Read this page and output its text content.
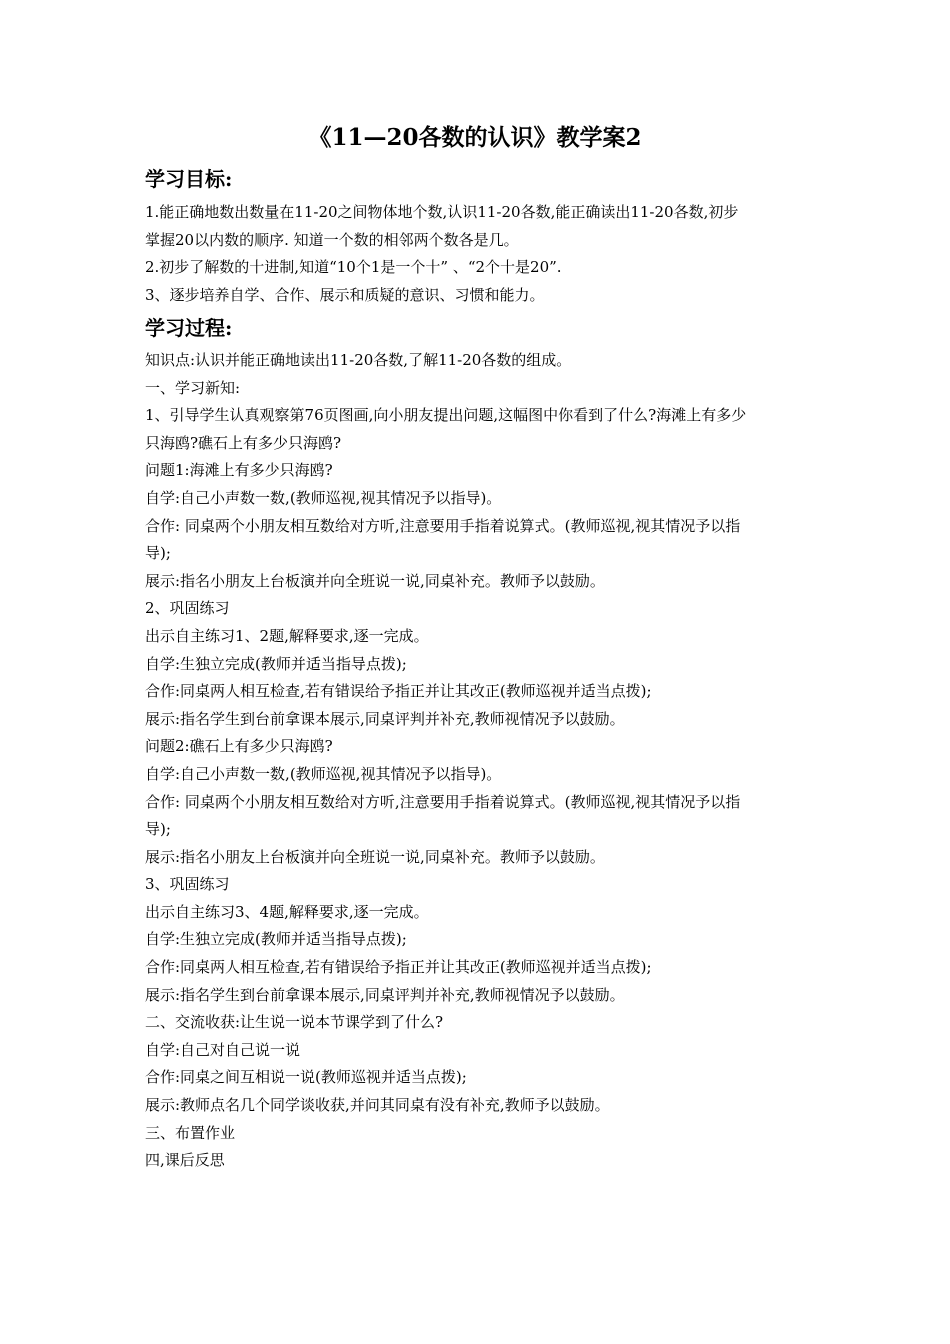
《11—20各数的认识》教学案2
学习目标:
1.能正确地数出数量在11-20之间物体地个数,认识11-20各数,能正确读出11-20各数,初步
掌握20以内数的顺序. 知道一个数的相邻两个数各是几。
2.初步了解数的十进制,知道“10个1是一个十” 、“2个十是20”.
3、逐步培养自学、合作、展示和质疑的意识、习惯和能力。
学习过程:
知识点:认识并能正确地读出11-20各数,了解11-20各数的组成。
一、学习新知:
1、引导学生认真观察第76页图画,向小朋友提出问题,这幅图中你看到了什么?海滩上有多少
只海鸥?礁石上有多少只海鸥?
问题1:海滩上有多少只海鸥?
自学:自己小声数一数,(教师巡视,视其情况予以指导)。
合作: 同桌两个小朋友相互数给对方听,注意要用手指着说算式。(教师巡视,视其情况予以指
导);
展示:指名小朋友上台板演并向全班说一说,同桌补充。教师予以鼓励。
2、巩固练习
出示自主练习1、2题,解释要求,逐一完成。
自学:生独立完成(教师并适当指导点拨);
合作:同桌两人相互检查,若有错误给予指正并让其改正(教师巡视并适当点拨);
展示:指名学生到台前拿课本展示,同桌评判并补充,教师视情况予以鼓励。
问题2:礁石上有多少只海鸥?
自学:自己小声数一数,(教师巡视,视其情况予以指导)。
合作: 同桌两个小朋友相互数给对方听,注意要用手指着说算式。(教师巡视,视其情况予以指
导);
展示:指名小朋友上台板演并向全班说一说,同桌补充。教师予以鼓励。
3、巩固练习
出示自主练习3、4题,解释要求,逐一完成。
自学:生独立完成(教师并适当指导点拨);
合作:同桌两人相互检查,若有错误给予指正并让其改正(教师巡视并适当点拨);
展示:指名学生到台前拿课本展示,同桌评判并补充,教师视情况予以鼓励。
二、交流收获:让生说一说本节课学到了什么?
自学:自己对自己说一说
合作:同桌之间互相说一说(教师巡视并适当点拨);
展示:教师点名几个同学谈收获,并问其同桌有没有补充,教师予以鼓励。
三、布置作业
四,课后反思
